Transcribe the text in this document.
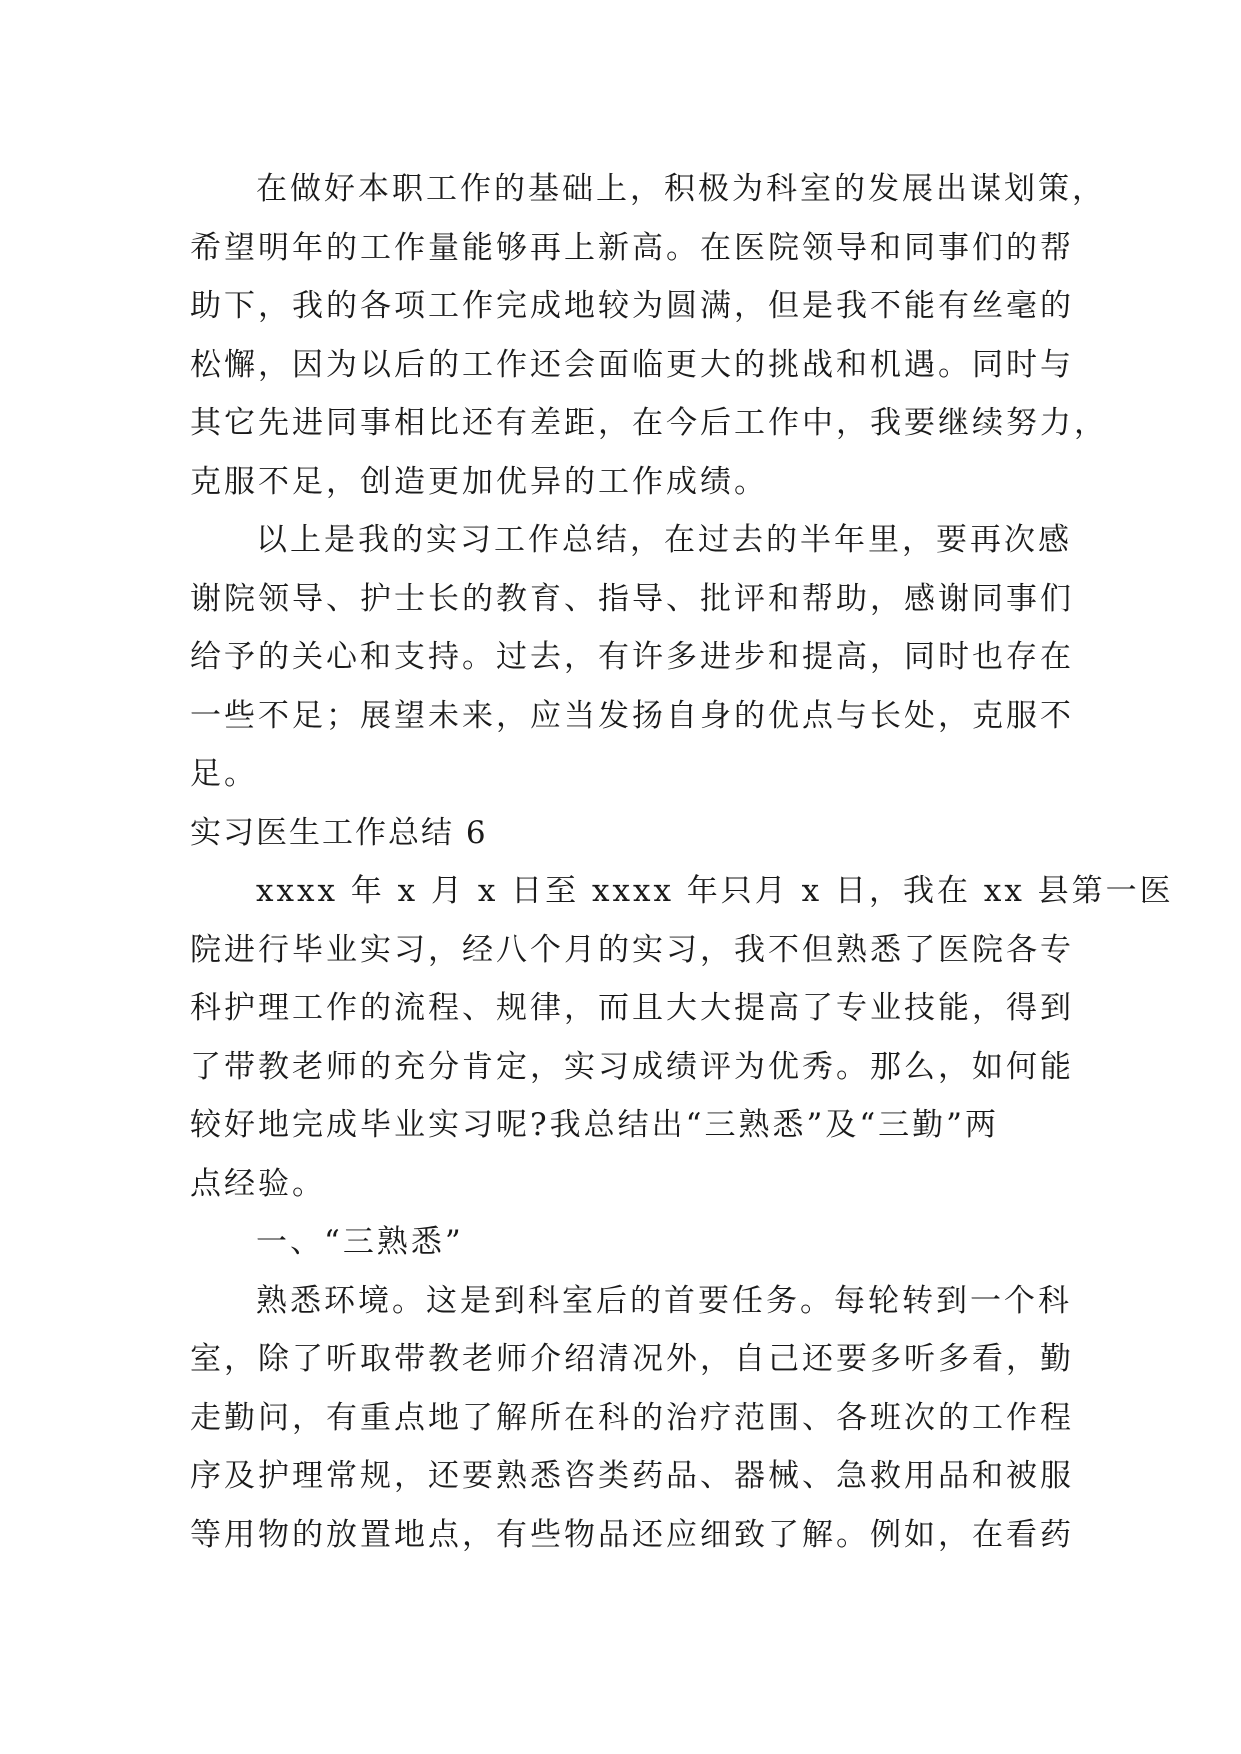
在做好本职工作的基础上，积极为科室的发展出谋划策，
希望明年的工作量能够再上新高。在医院领导和同事们的帮
助下，我的各项工作完成地较为圆满，但是我不能有丝毫的
松懈，因为以后的工作还会面临更大的挑战和机遇。同时与
其它先进同事相比还有差距，在今后工作中，我要继续努力，
克服不足，创造更加优异的工作成绩。
以上是我的实习工作总结，在过去的半年里，要再次感
谢院领导、护士长的教育、指导、批评和帮助，感谢同事们
给予的关心和支持。过去，有许多进步和提高，同时也存在
一些不足；展望未来，应当发扬自身的优点与长处，克服不
足。
实习医生工作总结 6
xxxx 年 x 月 x 日至 xxxx 年只月 x 日，我在 xx 县第一医
院进行毕业实习，经八个月的实习，我不但熟悉了医院各专
科护理工作的流程、规律，而且大大提高了专业技能，得到
了带教老师的充分肯定，实习成绩评为优秀。那么，如何能
较好地完成毕业实习呢?我总结出“三熟悉”及“三勤”两
点经验。
一、“三熟悉”
熟悉环境。这是到科室后的首要任务。每轮转到一个科
室，除了听取带教老师介绍清况外，自己还要多听多看，勤
走勤问，有重点地了解所在科的治疗范围、各班次的工作程
序及护理常规，还要熟悉咨类药品、器械、急救用品和被服
等用物的放置地点，有些物品还应细致了解。例如，在看药
